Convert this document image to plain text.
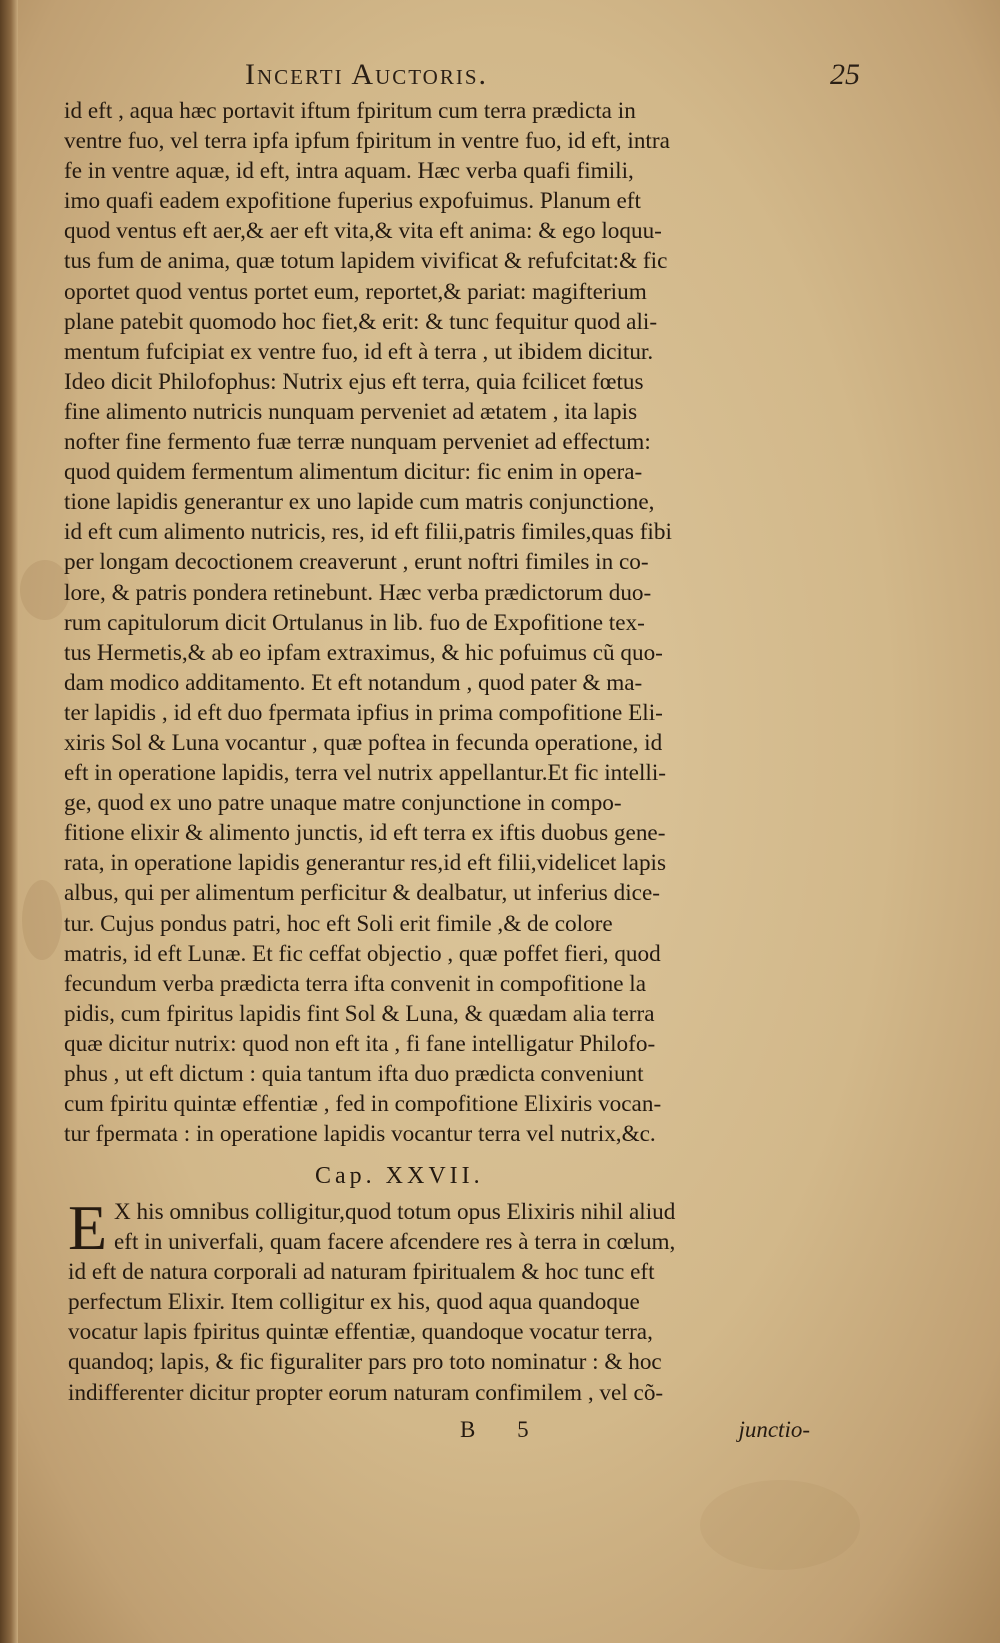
Incerti Auctoris.	25
id eft , aqua hæc portavit iftum fpiritum cum terra prædicta in
ventre fuo, vel terra ipfa ipfum fpiritum in ventre fuo, id eft, intra
fe in ventre aquæ, id eft, intra aquam. Hæc verba quafi fimili,
imo quafi eadem expofitione fuperius expofuimus. Planum eft
quod ventus eft aer,& aer eft vita,& vita eft anima: & ego loquu-
tus fum de anima, quæ totum lapidem vivificat & refufcitat:& fic
oportet quod ventus portet eum, reportet,& pariat: magifterium
plane patebit quomodo hoc fiet,& erit: & tunc fequitur quod ali-
mentum fufcipiat ex ventre fuo, id eft à terra , ut ibidem dicitur.
Ideo dicit Philofophus: Nutrix ejus eft terra, quia fcilicet fœtus
fine alimento nutricis nunquam perveniet ad ætatem , ita lapis
nofter fine fermento fuæ terræ nunquam perveniet ad effectum:
quod quidem fermentum alimentum dicitur: fic enim in opera-
tione lapidis generantur ex uno lapide cum matris conjunctione,
id eft cum alimento nutricis, res, id eft filii,patris fimiles,quas fibi
per longam decoctionem creaverunt , erunt noftri fimiles in co-
lore, & patris pondera retinebunt. Hæc verba prædictorum duo-
rum capitulorum dicit Ortulanus in lib. fuo de Expofitione tex-
tus Hermetis,& ab eo ipfam extraximus, & hic pofuimus cũ quo-
dam modico additamento. Et eft notandum , quod pater & ma-
ter lapidis , id eft duo fpermata ipfius in prima compofitione Eli-
xiris Sol & Luna vocantur , quæ poftea in fecunda operatione, id
eft in operatione lapidis, terra vel nutrix appellantur.Et fic intelli-
ge, quod ex uno patre unaque matre conjunctione in compo-
fitione elixir & alimento junctis, id eft terra ex iftis duobus gene-
rata, in operatione lapidis generantur res,id eft filii,videlicet lapis
albus, qui per alimentum perficitur & dealbatur, ut inferius dice-
tur. Cujus pondus patri, hoc eft Soli erit fimile ,& de colore
matris, id eft Lunæ. Et fic ceffat objectio , quæ poffet fieri, quod
fecundum verba prædicta terra ifta convenit in compofitione la
pidis, cum fpiritus lapidis fint Sol & Luna, & quædam alia terra
quæ dicitur nutrix: quod non eft ita , fi fane intelligatur Philofo-
phus , ut eft dictum : quia tantum ifta duo prædicta conveniunt
cum fpiritu quintæ effentiæ , fed in compofitione Elixiris vocan-
tur fpermata : in operatione lapidis vocantur terra vel nutrix,&c.
Cap. XXVII.
E X his omnibus colligitur,quod totum opus Elixiris nihil aliud
eft in univerfali, quam facere afcendere res à terra in cœlum,
id eft de natura corporali ad naturam fpiritualem & hoc tunc eft
perfectum Elixir. Item colligitur ex his, quod aqua quandoque
vocatur lapis fpiritus quintæ effentiæ, quandoque vocatur terra,
quandoq; lapis, & fic figuraliter pars pro toto nominatur : & hoc
indifferenter dicitur propter eorum naturam confimilem , vel cõ-
B 5	junctio-
